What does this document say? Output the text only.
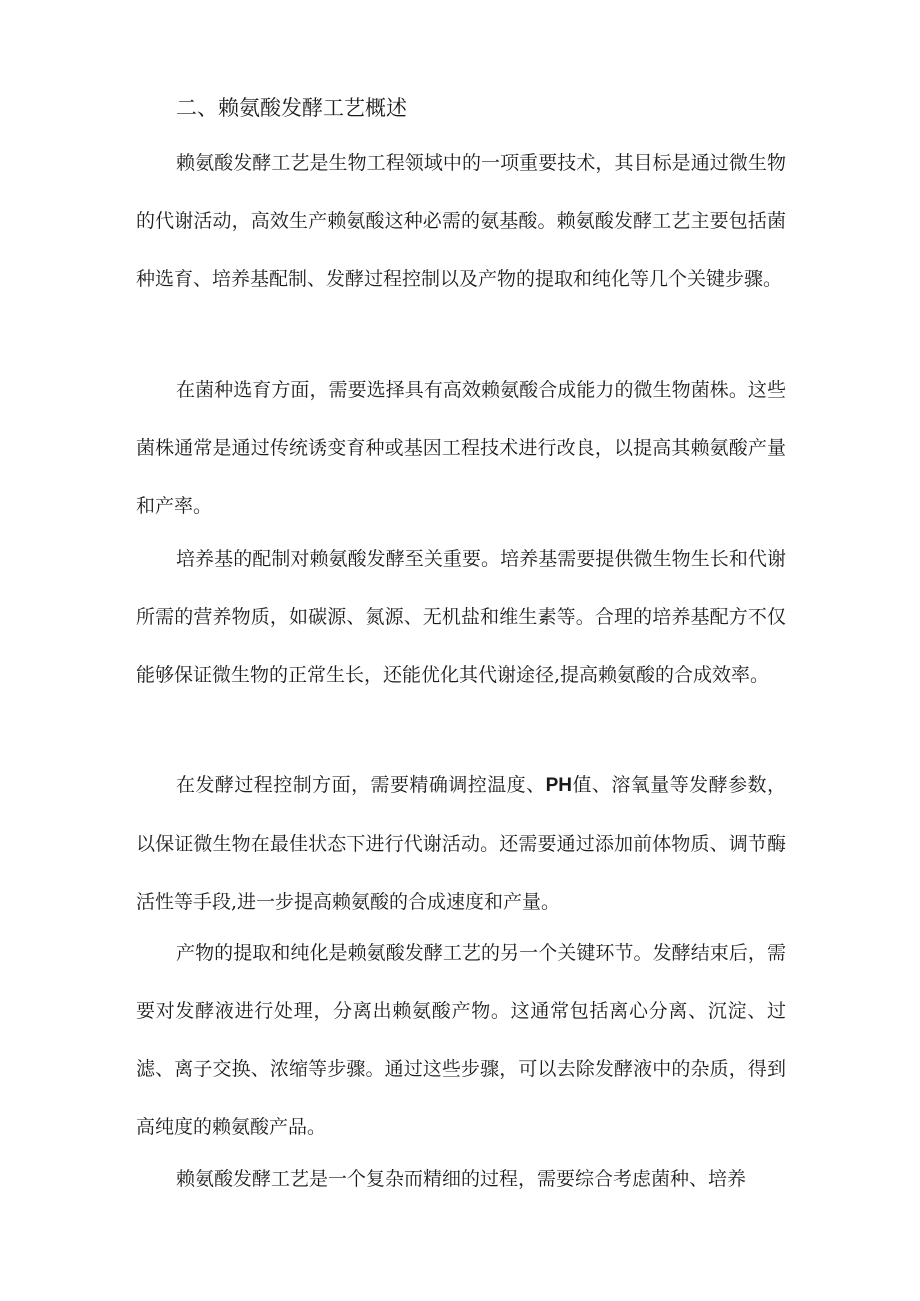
二、赖氨酸发酵工艺概述

赖氨酸发酵工艺是生物工程领域中的一项重要技术，其目标是通过微生物的代谢活动，高效生产赖氨酸这种必需的氨基酸。赖氨酸发酵工艺主要包括菌种选育、培养基配制、发酵过程控制以及产物的提取和纯化等几个关键步骤。

在菌种选育方面，需要选择具有高效赖氨酸合成能力的微生物菌株。这些菌株通常是通过传统诱变育种或基因工程技术进行改良，以提高其赖氨酸产量和产率。

培养基的配制对赖氨酸发酵至关重要。培养基需要提供微生物生长和代谢所需的营养物质，如碳源、氮源、无机盐和维生素等。合理的培养基配方不仅能够保证微生物的正常生长，还能优化其代谢途径,提高赖氨酸的合成效率。

在发酵过程控制方面，需要精确调控温度、PH值、溶氧量等发酵参数，以保证微生物在最佳状态下进行代谢活动。还需要通过添加前体物质、调节酶活性等手段,进一步提高赖氨酸的合成速度和产量。

产物的提取和纯化是赖氨酸发酵工艺的另一个关键环节。发酵结束后，需要对发酵液进行处理，分离出赖氨酸产物。这通常包括离心分离、沉淀、过滤、离子交换、浓缩等步骤。通过这些步骤，可以去除发酵液中的杂质，得到高纯度的赖氨酸产品。

赖氨酸发酵工艺是一个复杂而精细的过程，需要综合考虑菌种、培养
